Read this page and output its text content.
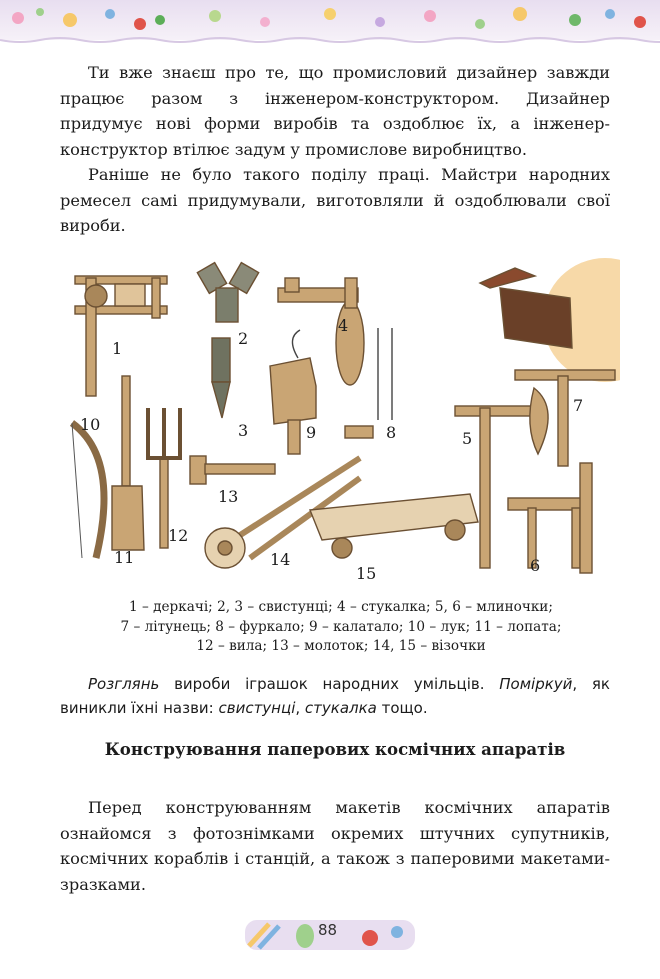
Ти вже знаєш про те, що промисловий дизайнер завжди працює разом з інженером-конструктором. Дизайнер придумує нові форми виробів та оздоблює їх, а інженер-конструктор втілює задум у промислове виробництво.

Раніше не було такого поділу праці. Майстри народних ремесел самі придумували, виготовляли й оздоблювали свої вироби.

1
2
3
4
5
6
7
8
9
10
11
12
13
14
15
1 – деркачі; 2, 3 – свистунці; 4 – стукалка; 5, 6 – млиночки;
7 – літунець; 8 – фуркало; 9 – калатало; 10 – лук; 11 – лопата;
12 – вила; 13 – молоток; 14, 15 – візочки

Розглянь вироби іграшок народних умільців. Поміркуй, як виникли їхні назви: свистунці, стукалка тощо.

Конструювання паперових космічних апаратів

Перед конструюванням макетів космічних апаратів ознайомся з фотознімками окремих штучних супутників, космічних кораблів і станцій, а також з паперовими макетами-зразками.

88
